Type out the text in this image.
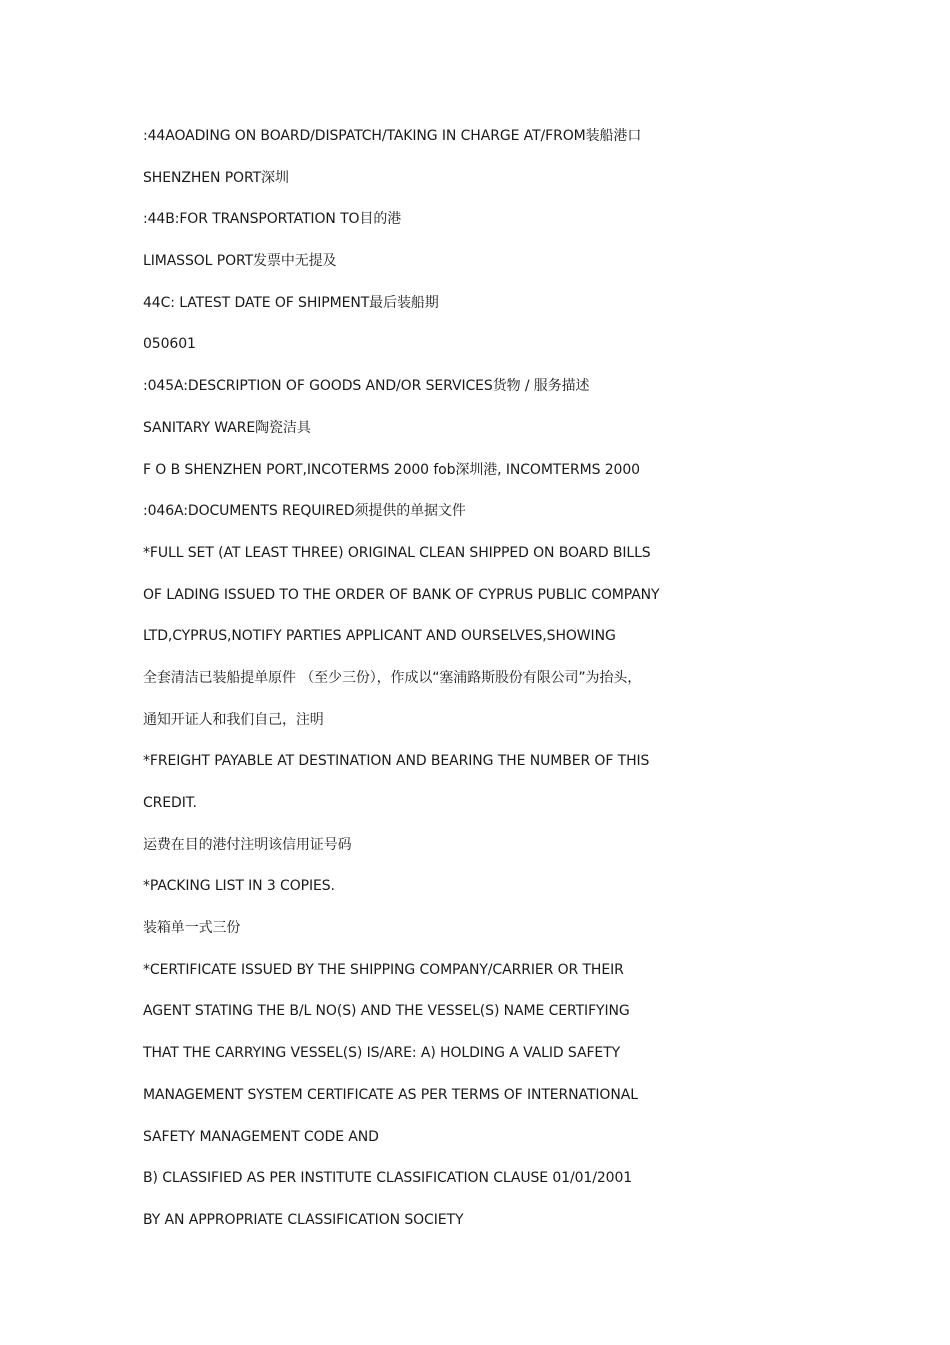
:44AOADING ON BOARD/DISPATCH/TAKING IN CHARGE AT/FROM装船港口
SHENZHEN PORT深圳
:44B:FOR TRANSPORTATION TO目的港
LIMASSOL PORT发票中无提及
44C: LATEST DATE OF SHIPMENT最后装船期
050601
:045A:DESCRIPTION OF GOODS AND/OR SERVICES货物 / 服务描述
SANITARY WARE陶瓷洁具
F O B SHENZHEN PORT,INCOTERMS 2000 fob深圳港, INCOMTERMS 2000
:046A:DOCUMENTS REQUIRED须提供的单据文件
*FULL SET (AT LEAST THREE) ORIGINAL CLEAN SHIPPED ON BOARD BILLS
OF LADING ISSUED TO THE ORDER OF BANK OF CYPRUS PUBLIC COMPANY
LTD,CYPRUS,NOTIFY PARTIES APPLICANT AND OURSELVES,SHOWING
全套清洁已装船提单原件 （至少三份），作成以“塞浦路斯股份有限公司”为抬头，
通知开证人和我们自己，注明
*FREIGHT PAYABLE AT DESTINATION AND BEARING THE NUMBER OF THIS
CREDIT.
运费在目的港付注明该信用证号码
*PACKING LIST IN 3 COPIES.
装箱单一式三份
*CERTIFICATE ISSUED BY THE SHIPPING COMPANY/CARRIER OR THEIR
AGENT STATING THE B/L NO(S) AND THE VESSEL(S) NAME CERTIFYING
THAT THE CARRYING VESSEL(S) IS/ARE: A) HOLDING A VALID SAFETY
MANAGEMENT SYSTEM CERTIFICATE AS PER TERMS OF INTERNATIONAL
SAFETY MANAGEMENT CODE AND
B) CLASSIFIED AS PER INSTITUTE CLASSIFICATION CLAUSE 01/01/2001
BY AN APPROPRIATE CLASSIFICATION SOCIETY
